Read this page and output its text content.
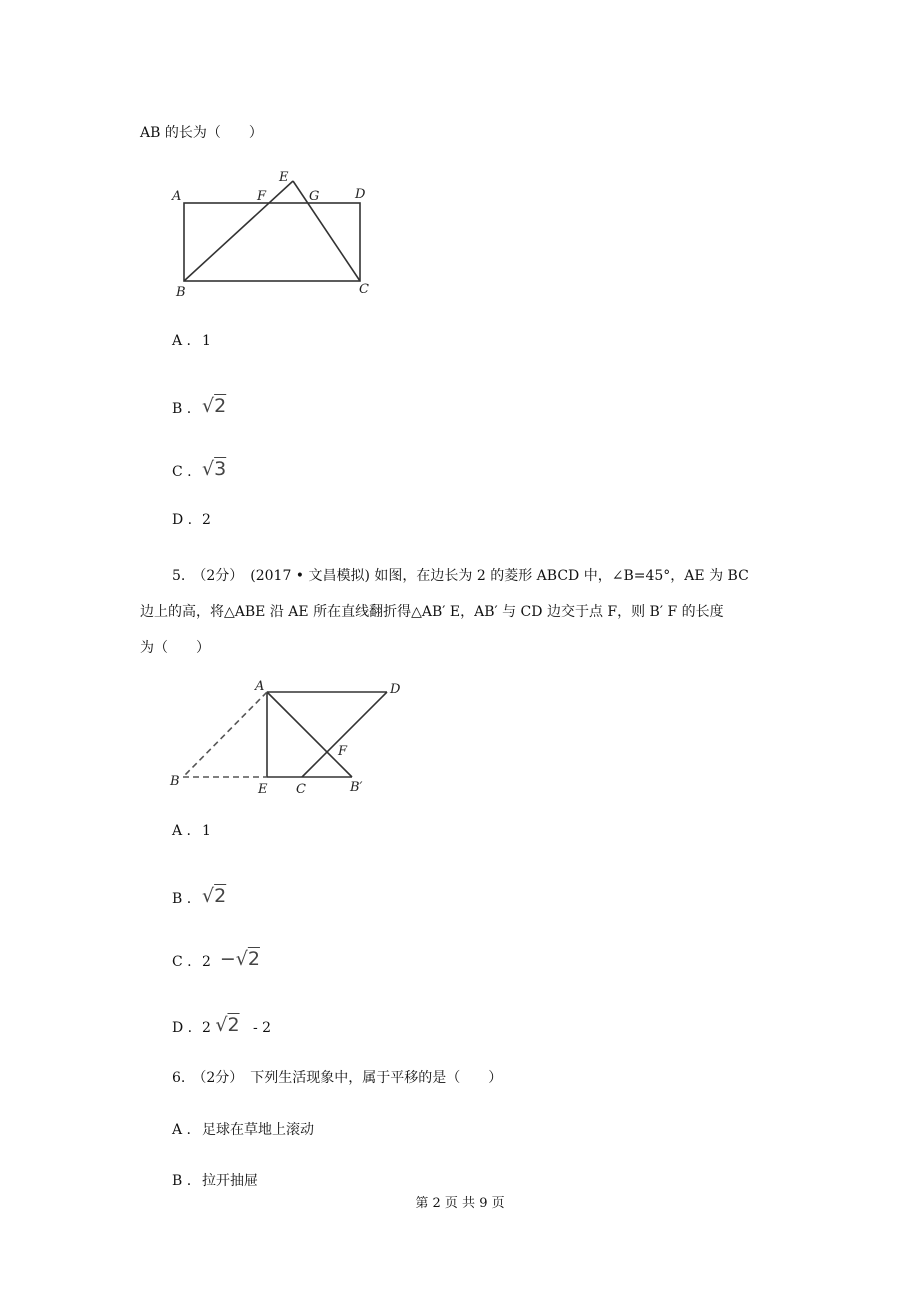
AB 的长为（　　）
A
E
F	G	D
B	C
A . 1
B . √2
C . √3
D . 2
5.　（2分）　(2017 • 文昌模拟) 如图，在边长为 2 的菱形 ABCD 中，∠B=45°，AE 为 BC
边上的高，将△ABE 沿 AE 所在直线翻折得△AB′ E，AB′ 与 CD 边交于点 F，则 B′ F 的长度
为（　　）
A	D
F
B
E C	B′
A . 1
B . √2
C . 2 −√2
D . 2 √2 - 2
6.　（2分）　下列生活现象中，属于平移的是（　　）
A . 足球在草地上滚动
B . 拉开抽屉
第 2 页 共 9 页
